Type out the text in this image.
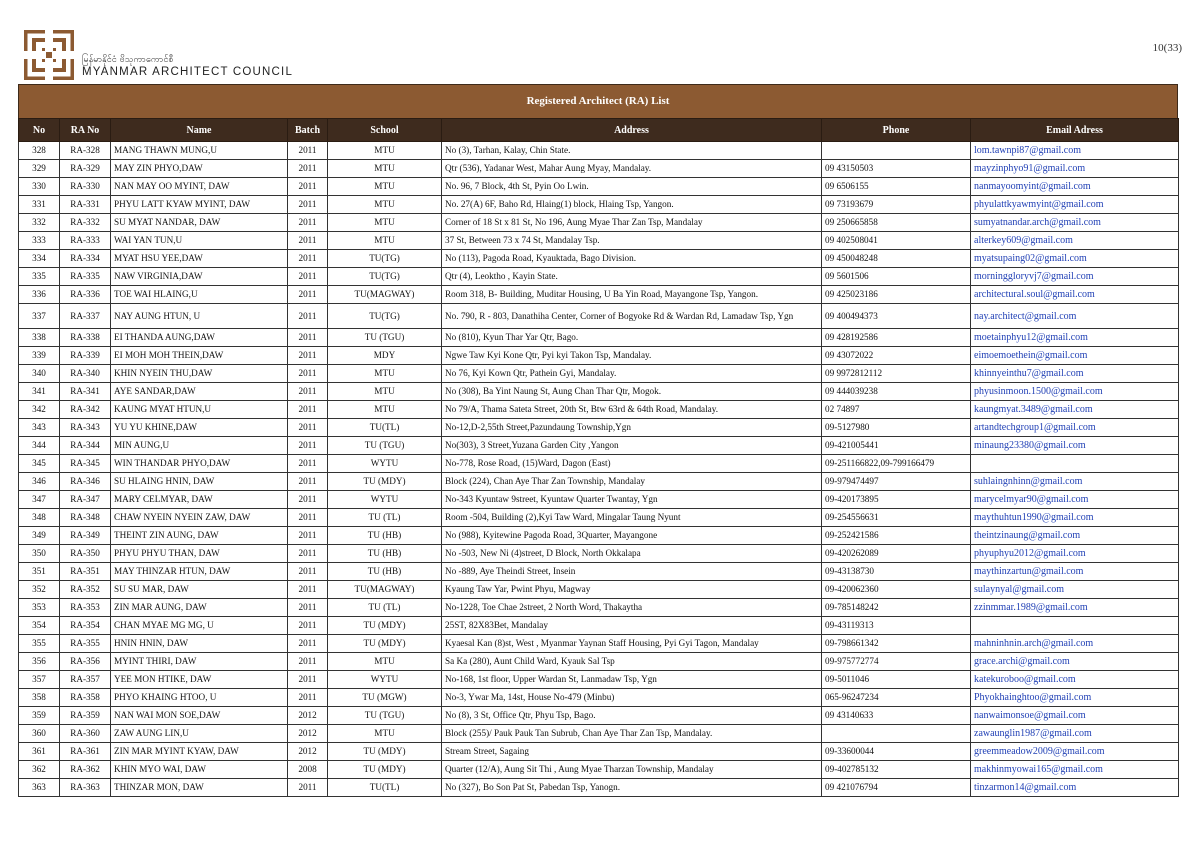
မြန်မာနိုင်ငံ ဗိသုကာကောင်စီ
MYANMAR ARCHITECT COUNCIL
10(33)
Registered Architect (RA) List
No	RA No	Name	Batch	School	Address	Phone	Email Adress
328	RA-328	MANG THAWN MUNG,U	2011	MTU	No (3), Tarhan, Kalay, Chin State.		lom.tawnpi87@gmail.com
329	RA-329	MAY ZIN PHYO,DAW	2011	MTU	Qtr (536), Yadanar West, Mahar Aung Myay, Mandalay.	09 43150503	mayzinphyo91@gmail.com
330	RA-330	NAN MAY OO MYINT, DAW	2011	MTU	No. 96, 7 Block, 4th St, Pyin Oo Lwin.	09 6506155	nanmayoomyint@gmail.com
331	RA-331	PHYU LATT KYAW MYINT, DAW	2011	MTU	No. 27(A) 6F, Baho Rd, Hlaing(1) block, Hlaing Tsp, Yangon.	09 73193679	phyulattkyawmyint@gmail.com
332	RA-332	SU MYAT NANDAR, DAW	2011	MTU	Corner of 18 St x 81 St, No 196, Aung Myae Thar Zan Tsp, Mandalay	09 250665858	sumyatnandar.arch@gmail.com
333	RA-333	WAI YAN TUN,U	2011	MTU	37 St, Between 73 x 74 St, Mandalay Tsp.	09 402508041	alterkey609@gmail.com
334	RA-334	MYAT HSU YEE,DAW	2011	TU(TG)	No (113), Pagoda Road, Kyauktada, Bago Division.	09 450048248	myatsupaing02@gmail.com
335	RA-335	NAW VIRGINIA,DAW	2011	TU(TG)	Qtr (4), Leoktho , Kayin State.	09 5601506	morninggloryvj7@gmail.com
336	RA-336	TOE WAI HLAING,U	2011	TU(MAGWAY)	Room 318, B- Building, Muditar Housing, U Ba Yin Road, Mayangone Tsp, Yangon.	09 425023186	architectural.soul@gmail.com
337	RA-337	NAY AUNG HTUN, U	2011	TU(TG)	No. 790, R - 803, Danathiha Center, Corner of Bogyoke Rd & Wardan Rd, Lamadaw Tsp, Ygn	09 400494373	nay.architect@gmail.com
338	RA-338	EI THANDA AUNG,DAW	2011	TU (TGU)	No (810), Kyun Thar Yar Qtr, Bago.	09 428192586	moetainphyu12@gmail.com
339	RA-339	EI MOH MOH THEIN,DAW	2011	MDY	Ngwe Taw Kyi Kone Qtr, Pyi kyi Takon Tsp, Mandalay.	09 43072022	eimoemoethein@gmail.com
340	RA-340	KHIN NYEIN THU,DAW	2011	MTU	No 76, Kyi Kown Qtr, Pathein Gyi, Mandalay.	09 9972812112	khinnyeinthu7@gmail.com
341	RA-341	AYE SANDAR,DAW	2011	MTU	No (308), Ba Yint Naung St, Aung Chan Thar Qtr, Mogok.	09 444039238	phyusinmoon.1500@gmail.com
342	RA-342	KAUNG MYAT HTUN,U	2011	MTU	No 79/A, Thama Sateta Street, 20th St, Btw 63rd & 64th Road, Mandalay.	02 74897	kaungmyat.3489@gmail.com
343	RA-343	YU YU KHINE,DAW	2011	TU(TL)	No-12,D-2,55th Street,Pazundaung Township,Ygn	09-5127980	artandtechgroup1@gmail.com
344	RA-344	MIN AUNG,U	2011	TU (TGU)	No(303), 3 Street,Yuzana Garden City ,Yangon	09-421005441	minaung23380@gmail.com
345	RA-345	WIN THANDAR PHYO,DAW	2011	WYTU	No-778, Rose Road, (15)Ward, Dagon (East)	09-251166822,09-799166479	
346	RA-346	SU HLAING HNIN, DAW	2011	TU (MDY)	Block (224), Chan Aye Thar Zan Township, Mandalay	09-979474497	suhlaingnhinn@gmail.com
347	RA-347	MARY CELMYAR, DAW	2011	WYTU	No-343 Kyuntaw 9street, Kyuntaw Quarter Twantay, Ygn	09-420173895	marycelmyar90@gmail.com
348	RA-348	CHAW NYEIN NYEIN ZAW, DAW	2011	TU (TL)	Room -504, Building (2),Kyi Taw Ward, Mingalar Taung Nyunt	09-254556631	maythuhtun1990@gmail.com
349	RA-349	THEINT ZIN AUNG, DAW	2011	TU (HB)	No (988), Kyitewine Pagoda Road, 3Quarter, Mayangone	09-252421586	theintzinaung@gmail.com
350	RA-350	PHYU PHYU THAN, DAW	2011	TU (HB)	No -503, New Ni (4)street, D Block, North Okkalapa	09-420262089	phyuphyu2012@gmail.com
351	RA-351	MAY THINZAR HTUN, DAW	2011	TU (HB)	No -889, Aye Theindi Street, Insein	09-43138730	maythinzartun@gmail.com
352	RA-352	SU SU MAR, DAW	2011	TU(MAGWAY)	Kyaung Taw Yar, Pwint Phyu, Magway	09-420062360	sulaynyal@gmail.com
353	RA-353	ZIN MAR AUNG, DAW	2011	TU (TL)	No-1228, Toe Chae 2street, 2 North Word, Thakaytha	09-785148242	zzinmmar.1989@gmail.com
354	RA-354	CHAN MYAE MG MG, U	2011	TU (MDY)	25ST, 82X83Bet, Mandalay	09-43119313	
355	RA-355	HNIN HNIN, DAW	2011	TU (MDY)	Kyaesal Kan (8)st, West , Myanmar Yaynan Staff Housing, Pyi Gyi Tagon, Mandalay	09-798661342	mahninhnin.arch@gmail.com
356	RA-356	MYINT THIRI, DAW	2011	MTU	Sa Ka (280), Aunt Child Ward, Kyauk Sal Tsp	09-975772774	grace.archi@gmail.com
357	RA-357	YEE MON HTIKE, DAW	2011	WYTU	No-168, 1st floor, Upper Wardan St, Lanmadaw Tsp, Ygn	09-5011046	katekuroboo@gmail.com
358	RA-358	PHYO KHAING HTOO, U	2011	TU (MGW)	No-3, Ywar Ma, 14st, House No-479 (Minbu)	065-96247234	Phyokhainghtoo@gmail.com
359	RA-359	NAN WAI MON SOE,DAW	2012	TU (TGU)	No (8), 3 St, Office Qtr, Phyu Tsp, Bago.	09 43140633	nanwaimonsoe@gmail.com
360	RA-360	ZAW AUNG LIN,U	2012	MTU	Block (255)/ Pauk Pauk Tan Subrub, Chan Aye Thar Zan Tsp, Mandalay.		zawaunglin1987@gmail.com
361	RA-361	ZIN MAR MYINT KYAW, DAW	2012	TU (MDY)	Stream Street, Sagaing	09-33600044	greemmeadow2009@gmail.com
362	RA-362	KHIN MYO WAI, DAW	2008	TU (MDY)	Quarter (12/A), Aung Sit Thi , Aung Myae Tharzan Township, Mandalay	09-402785132	makhinmyowai165@gmail.com
363	RA-363	THINZAR MON, DAW	2011	TU(TL)	No (327), Bo Son Pat St, Pabedan Tsp, Yanogn.	09 421076794	tinzarmon14@gmail.com
